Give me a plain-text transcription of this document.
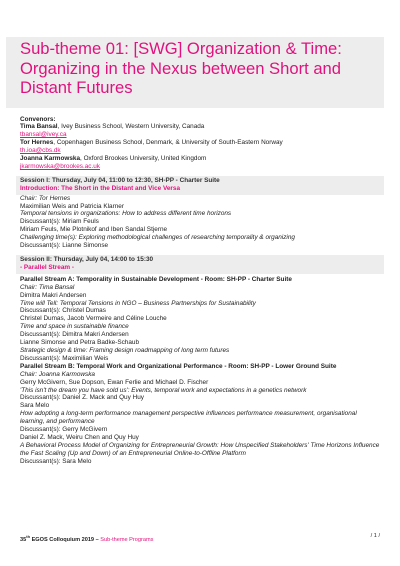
Sub-theme 01: [SWG] Organization & Time: Organizing in the Nexus between Short and Distant Futures
Convenors:
Tima Bansal, Ivey Business School, Western University, Canada
tbansal@ivey.ca
Tor Hernes, Copenhagen Business School, Denmark, & University of South-Eastern Norway
th.ioa@cbs.dk
Joanna Karmowska, Oxford Brookes University, United Kingdom
jkarmowska@brookes.ac.uk
Session I: Thursday, July 04, 11:00 to 12:30, SH-PP - Charter Suite
Introduction: The Short in the Distant and Vice Versa
Chair: Tor Hernes
Maximilian Weis and Patricia Klarner
Temporal tensions in organizations: How to address different time horizons
Discussant(s): Miriam Feuls
Miriam Feuls, Mie Plotnikof and Iben Sandal Stjerne
Challenging time(s): Exploring methodological challenges of researching temporality & organizing
Discussant(s): Lianne Simonse
Session II: Thursday, July 04, 14:00 to 15:30
- Parallel Stream -
Parallel Stream A: Temporality in Sustainable Development - Room: SH-PP - Charter Suite
Chair: Tima Bansal
Dimitra Makri Andersen
Time will Tell: Temporal Tensions in NGO – Business Partnerships for Sustainability
Discussant(s): Christel Dumas
Christel Dumas, Jacob Vermeire and Céline Louche
Time and space in sustainable finance
Discussant(s): Dimitra Makri Andersen
Lianne Simonse and Petra Badke-Schaub
Strategic design & time: Framing design roadmapping of long term futures
Discussant(s): Maximilian Weis
Parallel Stream B: Temporal Work and Organizational Performance - Room: SH-PP - Lower Ground Suite
Chair: Joanna Karmowska
Gerry McGivern, Sue Dopson, Ewan Ferlie and Michael D. Fischer
'This isn't the dream you have sold us': Events, temporal work and expectations in a genetics network
Discussant(s): Daniel Z. Mack and Quy Huy
Sara Melo
How adopting a long-term performance management perspective influences performance measurement, organisational learning, and performance
Discussant(s): Gerry McGivern
Daniel Z. Mack, Weiru Chen and Quy Huy
A Behavioral Process Model of Organizing for Entrepreneurial Growth: How Unspecified Stakeholders' Time Horizons Influence the Fast Scaling (Up and Down) of an Entrepreneurial Online-to-Offline Platform
Discussant(s): Sara Melo
35th EGOS Colloquium 2019 – Sub-theme Programs
/ 1 /
